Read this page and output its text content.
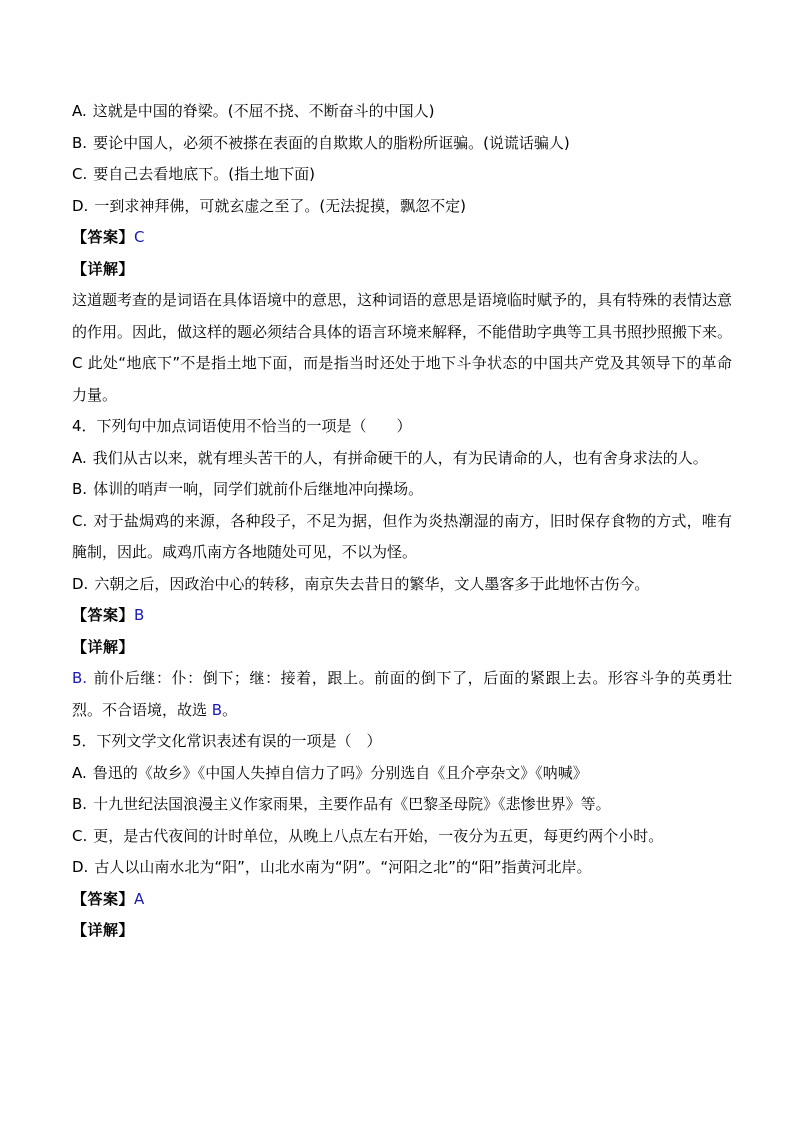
A. 这就是中国的脊梁。(不屈不挠、不断奋斗的中国人)
B. 要论中国人，必须不被搽在表面的自欺欺人的脂粉所诓骗。(说谎话骗人)
C. 要自己去看地底下。(指土地下面)
D. 一到求神拜佛，可就玄虚之至了。(无法捉摸，飘忽不定)
【答案】C
【详解】
这道题考查的是词语在具体语境中的意思，这种词语的意思是语境临时赋予的，具有特殊的表情达意的作用。因此，做这样的题必须结合具体的语言环境来解释，不能借助字典等工具书照抄照搬下来。C 此处“地底下”不是指土地下面，而是指当时还处于地下斗争状态的中国共产党及其领导下的革命力量。
4．下列句中加点词语使用不恰当的一项是（　　）
A. 我们从古以来，就有埋头苦干的人，有拼命硬干的人，有为民请命的人，也有舍身求法的人。
B. 体训的哨声一响，同学们就前仆后继地冲向操场。
C. 对于盐焗鸡的来源，各种段子，不足为据，但作为炎热潮湿的南方，旧时保存食物的方式，唯有腌制，因此。咸鸡爪南方各地随处可见，不以为怪。
D. 六朝之后，因政治中心的转移，南京失去昔日的繁华，文人墨客多于此地怀古伤今。
【答案】B
【详解】
B. 前仆后继：仆：倒下；继：接着，跟上。前面的倒下了，后面的紧跟上去。形容斗争的英勇壮烈。不合语境，故选 B。
5．下列文学文化常识表述有误的一项是（　）
A. 鲁迅的《故乡》《中国人失掉自信力了吗》分别选自《且介亭杂文》《呐喊》
B. 十九世纪法国浪漫主义作家雨果，主要作品有《巴黎圣母院》《悲惨世界》等。
C. 更，是古代夜间的计时单位，从晚上八点左右开始，一夜分为五更，每更约两个小时。
D. 古人以山南水北为“阳”，山北水南为“阴”。“河阳之北”的“阳”指黄河北岸。
【答案】A
【详解】
